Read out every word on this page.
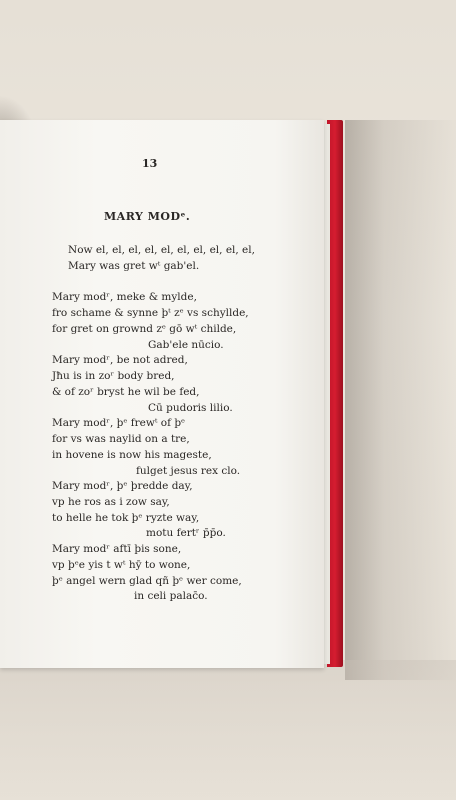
13
MARY MODᵉ.
Now el, el, el, el, el, el, el, el, el, el,
Mary was gret wᵗ gab'el.
Mary modʳ, meke & mylde,
fro schame & synne þᵗ zᵉ vs schyllde,
for gret on grownd zᵉ gō wᵗ childe,
Gab'ele nūcio.
Mary modʳ, be not adred,
Jħu is in zoʳ body bred,
& of zoʳ bryst he wil be fed,
Cū pudoris lilio.
Mary modʳ, þᵉ frewᵗ of þᵉ
for vs was naylid on a tre,
in hovene is now his mageste,
fulget jesus rex clo.
Mary modʳ, þᵉ þredde day,
vp he ros as i zow say,
to helle he tok þᵉ ryzte way,
motu fertʳ p̄p̄o.
Mary modʳ aftī þis sone,
vp þᵉe yis t wᵗ hȳ to wone,
þᵉ angel wern glad qñ þᵉ wer come,
in celi palac̄o.
